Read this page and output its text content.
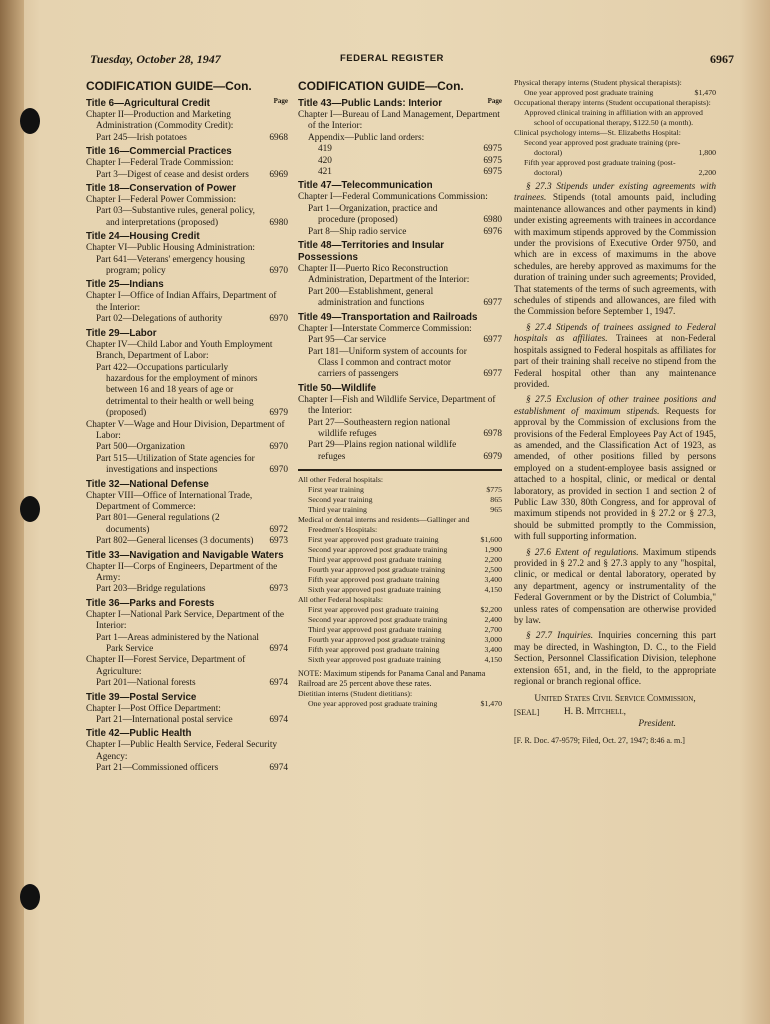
Tuesday, October 28, 1947	FEDERAL REGISTER	6967
CODIFICATION GUIDE—Con.
Page
Title 6—Agricultural Credit
Chapter II—Production and Marketing Administration (Commodity Credit):
Part 245—Irish potatoes	6968
Title 16—Commercial Practices
Chapter I—Federal Trade Commission:
Part 3—Digest of cease and desist orders 6969
Title 18—Conservation of Power
Chapter I—Federal Power Commission:
Part 03—Substantive rules, general policy, and interpretations (proposed)	6980
Title 24—Housing Credit
Chapter VI—Public Housing Administration:
Part 641—Veterans' emergency housing program; policy	6970
Title 25—Indians
Chapter I—Office of Indian Affairs, Department of the Interior:
Part 02—Delegations of authority	6970
Title 29—Labor
Chapter IV—Child Labor and Youth Employment Branch, Department of Labor:
Part 422—Occupations particularly hazardous for the employment of minors between 16 and 18 years of age or detrimental to their health or well being (proposed)	6979
Chapter V—Wage and Hour Division, Department of Labor:
Part 500—Organization	6970
Part 515—Utilization of State agencies for investigations and inspections	6970
Title 32—National Defense
Chapter VIII—Office of International Trade, Department of Commerce:
Part 801—General regulations (2 documents)	6972
Part 802—General licenses (3 documents) 6973
Title 33—Navigation and Navigable Waters
Chapter II—Corps of Engineers, Department of the Army:
Part 203—Bridge regulations	6973
Title 36—Parks and Forests
Chapter I—National Park Service, Department of the Interior:
Part 1—Areas administered by the National Park Service	6974
Chapter II—Forest Service, Department of Agriculture:
Part 201—National forests	6974
Title 39—Postal Service
Chapter I—Post Office Department:
Part 21—International postal service	6974
Title 42—Public Health
Chapter I—Public Health Service, Federal Security Agency:
Part 21—Commissioned officers	6974
CODIFICATION GUIDE—Con.
Page
Title 43—Public Lands: Interior
Chapter I—Bureau of Land Management, Department of the Interior:
Appendix—Public land orders:
419	6975
420	6975
421	6975
Title 47—Telecommunication
Chapter I—Federal Communications Commission:
Part 1—Organization, practice and procedure (proposed)	6980
Part 8—Ship radio service	6976
Title 48—Territories and Insular Possessions
Chapter II—Puerto Rico Reconstruction Administration, Department of the Interior:
Part 200—Establishment, general administration and functions	6977
Title 49—Transportation and Railroads
Chapter I—Interstate Commerce Commission:
Part 95—Car service	6977
Part 181—Uniform system of accounts for Class I common and contract motor carriers of passengers	6977
Title 50—Wildlife
Chapter I—Fish and Wildlife Service, Department of the Interior:
Part 27—Southeastern region national wildlife refuges	6978
Part 29—Plains region national wildlife refuges	6979
All other Federal hospitals:
First year training	$775
Second year training	865
Third year training	965
Medical or dental interns and residents—Gallinger and Freedmen's Hospitals:
First year approved post graduate training	$1,600
Second year approved post graduate training	1,900
Third year approved post graduate training	2,200
Fourth year approved post graduate training	2,500
Fifth year approved post graduate training	3,400
Sixth year approved post graduate training	4,150
All other Federal hospitals:
First year approved post graduate training	$2,200
Second year approved post graduate training	2,400
Third year approved post graduate training	2,700
Fourth year approved post graduate training	3,000
Fifth year approved post graduate training	3,400
Sixth year approved post graduate training	4,150
NOTE: Maximum stipends for Panama Canal and Panama Railroad are 25 percent above these rates.
Dietitian interns (Student dietitians):
One year approved post graduate training	$1,470
Physical therapy interns (Student physical therapists):
One year approved post graduate training	$1,470
Occupational therapy interns (Student occupational therapists):
Approved clinical training in affiliation with an approved school of occupational therapy, $122.50 (a month).
Clinical psychology interns—St. Elizabeths Hospital:
Second year approved post graduate training (pre-doctoral)	1,800
Fifth year approved post graduate training (post-doctoral)	2,200

§ 27.3 Stipends under existing agreements with trainees. Stipends (total amounts paid, including maintenance allowances and other payments in kind) under existing agreements with trainees in accordance with maximum stipends approved by the Commission under the provisions of Executive Order 9750, and which are in excess of maximums in the above schedules, are hereby approved as maximums for the duration of training under such agreements; Provided, That statements of the terms of such agreements, with schedules of stipends and allowances, are filed with the Commission before September 1, 1947.

§ 27.4 Stipends of trainees assigned to Federal hospitals as affiliates. Trainees at non-Federal hospitals assigned to Federal hospitals as affiliates for part of their training shall receive no stipend from the Federal hospital other than any maintenance provided.

§ 27.5 Exclusion of other trainee positions and establishment of maximum stipends. Requests for approval by the Commission of exclusions from the provisions of the Federal Employees Pay Act of 1945, as amended, and the Classification Act of 1923, as amended, of other positions filled by persons employed on a student-employee basis assigned or attached to a hospital, clinic, or medical or dental laboratory, as provided in section 1 and section 2 of Public Law 330, 80th Congress, and for approval of maximum stipends not provided in § 27.2 or § 27.3, should be submitted promptly to the Commission, with full supporting information.

§ 27.6 Extent of regulations. Maximum stipends provided in § 27.2 and § 27.3 apply to any "hospital, clinic, or medical or dental laboratory, operated by any department, agency or instrumentality of the Federal Government or by the District of Columbia," unless rates of compensation are otherwise provided by law.

§ 27.7 Inquiries. Inquiries concerning this part may be directed, in Washington, D. C., to the Field Section, Personnel Classification Division, telephone extension 651, and, in the field, to the appropriate regional or branch regional office.

United States Civil Service Commission,
[SEAL]	H. B. Mitchell,
President.
[F. R. Doc. 47-9579; Filed, Oct. 27, 1947; 8:46 a. m.]
